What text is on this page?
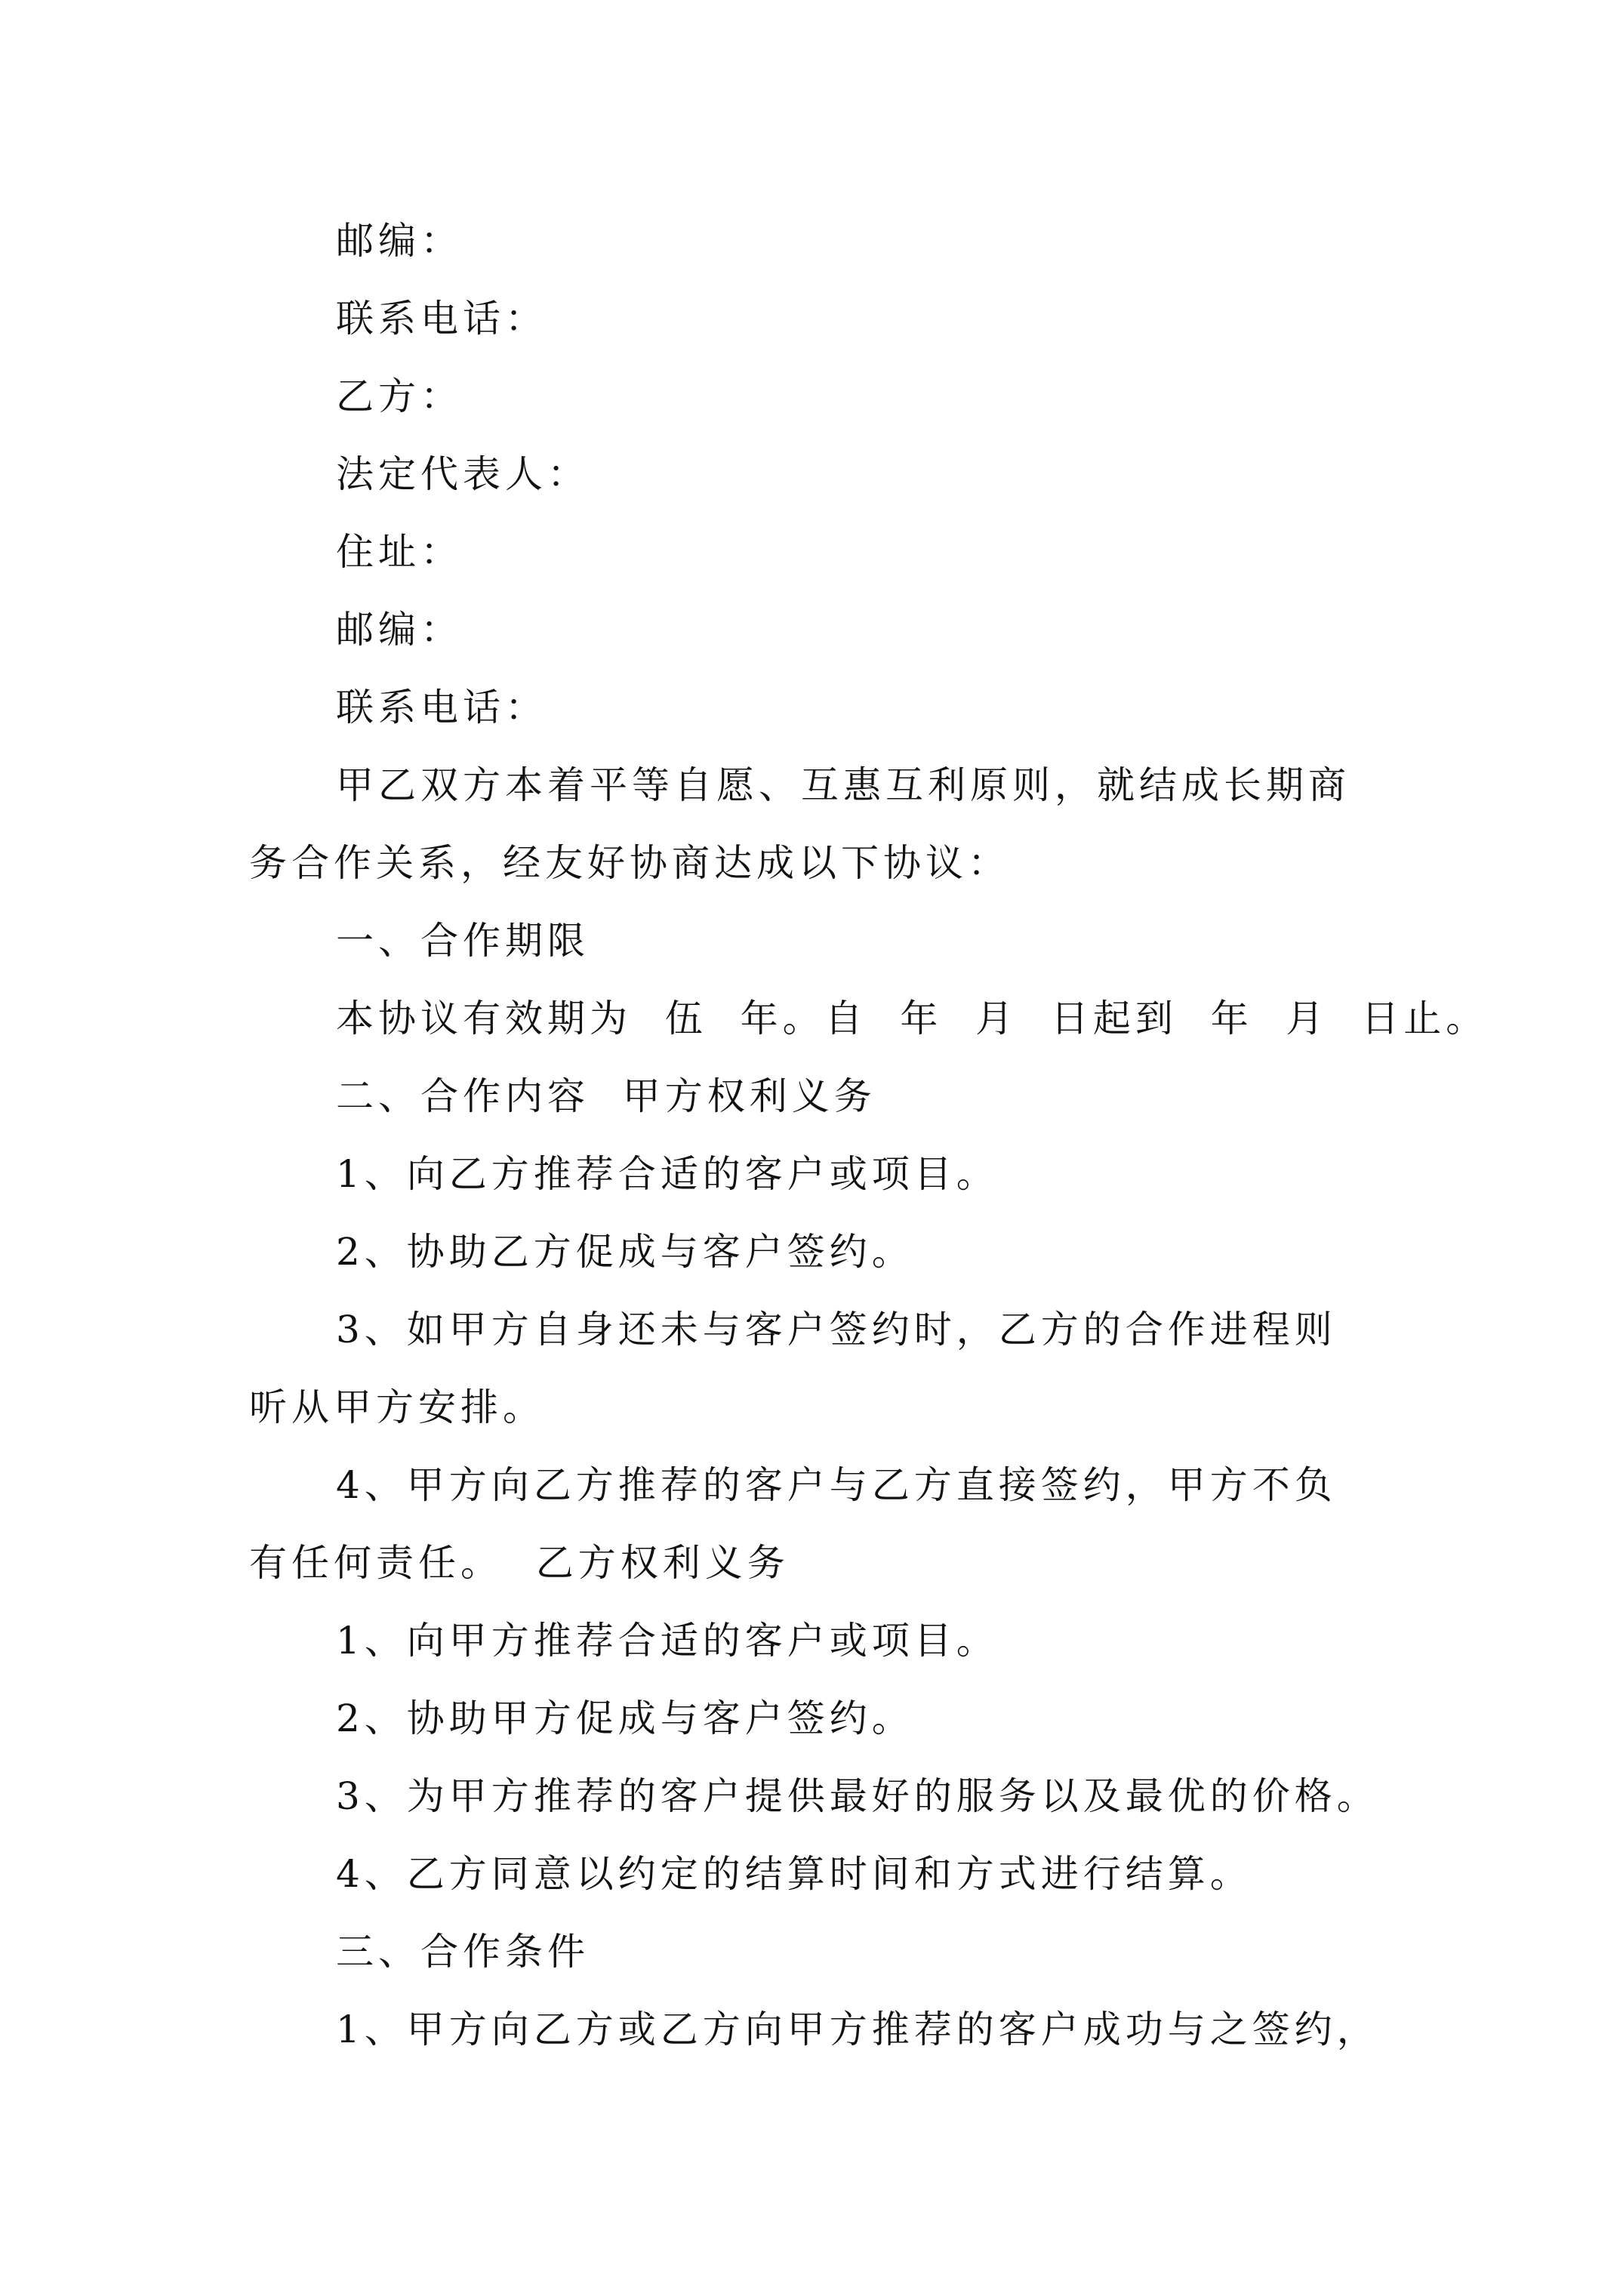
邮编：
联系电话：
乙方：
法定代表人：
住址：
邮编：
联系电话：
甲乙双方本着平等自愿、互惠互利原则，就结成长期商
务合作关系，经友好协商达成以下协议：
一、合作期限
本协议有效期为  伍  年。自  年  月  日起到  年  月  日止。
二、合作内容  甲方权利义务
1、向乙方推荐合适的客户或项目。
2、协助乙方促成与客户签约。
3、如甲方自身还未与客户签约时，乙方的合作进程则
听从甲方安排。
4、甲方向乙方推荐的客户与乙方直接签约，甲方不负
有任何责任。  乙方权利义务
1、向甲方推荐合适的客户或项目。
2、协助甲方促成与客户签约。
3、为甲方推荐的客户提供最好的服务以及最优的价格。
4、乙方同意以约定的结算时间和方式进行结算。
三、合作条件
1、甲方向乙方或乙方向甲方推荐的客户成功与之签约，
